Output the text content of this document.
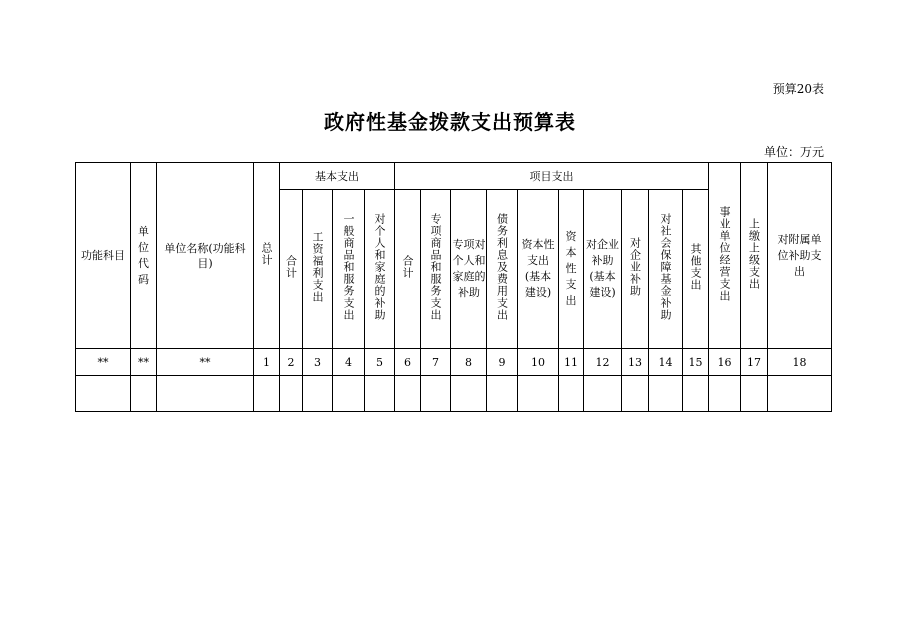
预算20表
政府性基金拨款支出预算表
单位：万元
功能科目	单位代码	单位名称(功能科目)	总计	基本支出				项目支出										事业单位经营支出	上缴上级支出	对附属单位补助支出
				合计	工资福利支出	一般商品和服务支出	对个人和家庭的补助	合计	专项商品和服务支出	专项对个人和家庭的补助	债务利息及费用支出	资本性支出(基本建设)	资本性支出	对企业补助(基本建设)	对企业补助	对社会保障基金补助	其他支出			
**	**	**	1	2	3	4	5	6	7	8	9	10	11	12	13	14	15	16	17	18
